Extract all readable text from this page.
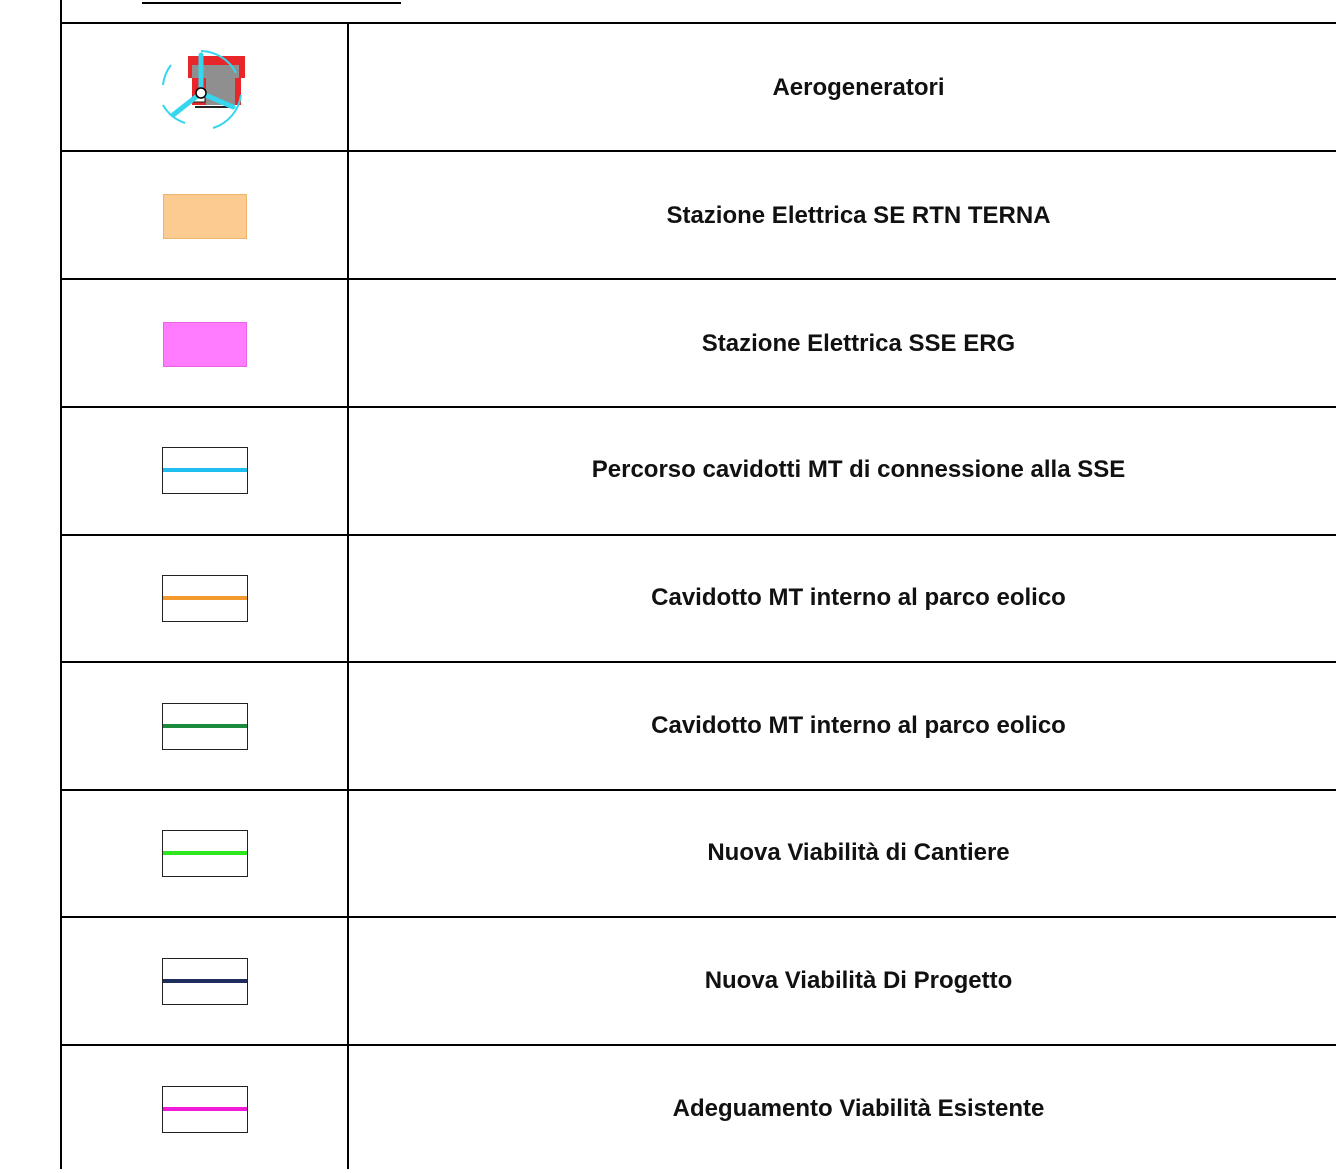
Aerogeneratori
Stazione Elettrica SE RTN TERNA
Stazione Elettrica SSE ERG
Percorso cavidotti MT di connessione alla SSE
Cavidotto MT interno al parco eolico
Cavidotto MT interno al parco eolico
Nuova Viabilità di Cantiere
Nuova Viabilità Di Progetto
Adeguamento Viabilità Esistente
